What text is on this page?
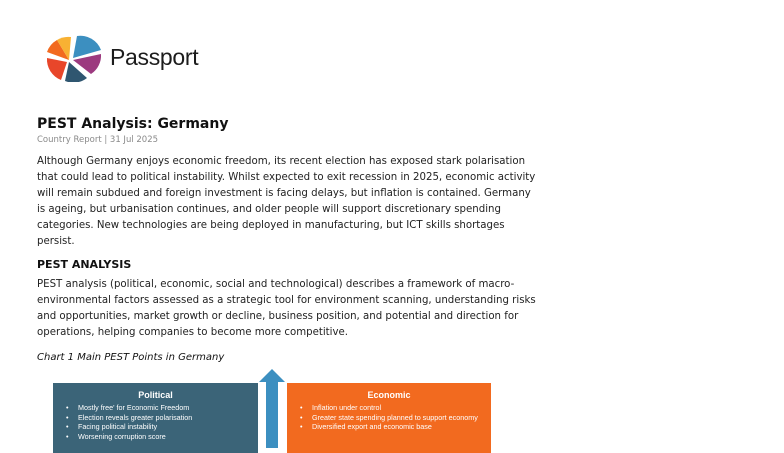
Passport
PEST Analysis: Germany
Country Report | 31 Jul 2025

Although Germany enjoys economic freedom, its recent election has exposed stark polarisation that could lead to political instability. Whilst expected to exit recession in 2025, economic activity will remain subdued and foreign investment is facing delays, but inflation is contained. Germany is ageing, but urbanisation continues, and older people will support discretionary spending categories. New technologies are being deployed in manufacturing, but ICT skills shortages persist.

PEST ANALYSIS

PEST analysis (political, economic, social and technological) describes a framework of macro-environmental factors assessed as a strategic tool for environment scanning, understanding risks and opportunities, market growth or decline, business position, and potential and direction for operations, helping companies to become more competitive.

Chart 1 Main PEST Points in Germany
Political
• Mostly free' for Economic Freedom
• Election reveals greater polarisation
• Facing political instability
• Worsening corruption score
Economic
• Inflation under control
• Greater state spending planned to support economy
• Diversified export and economic base
